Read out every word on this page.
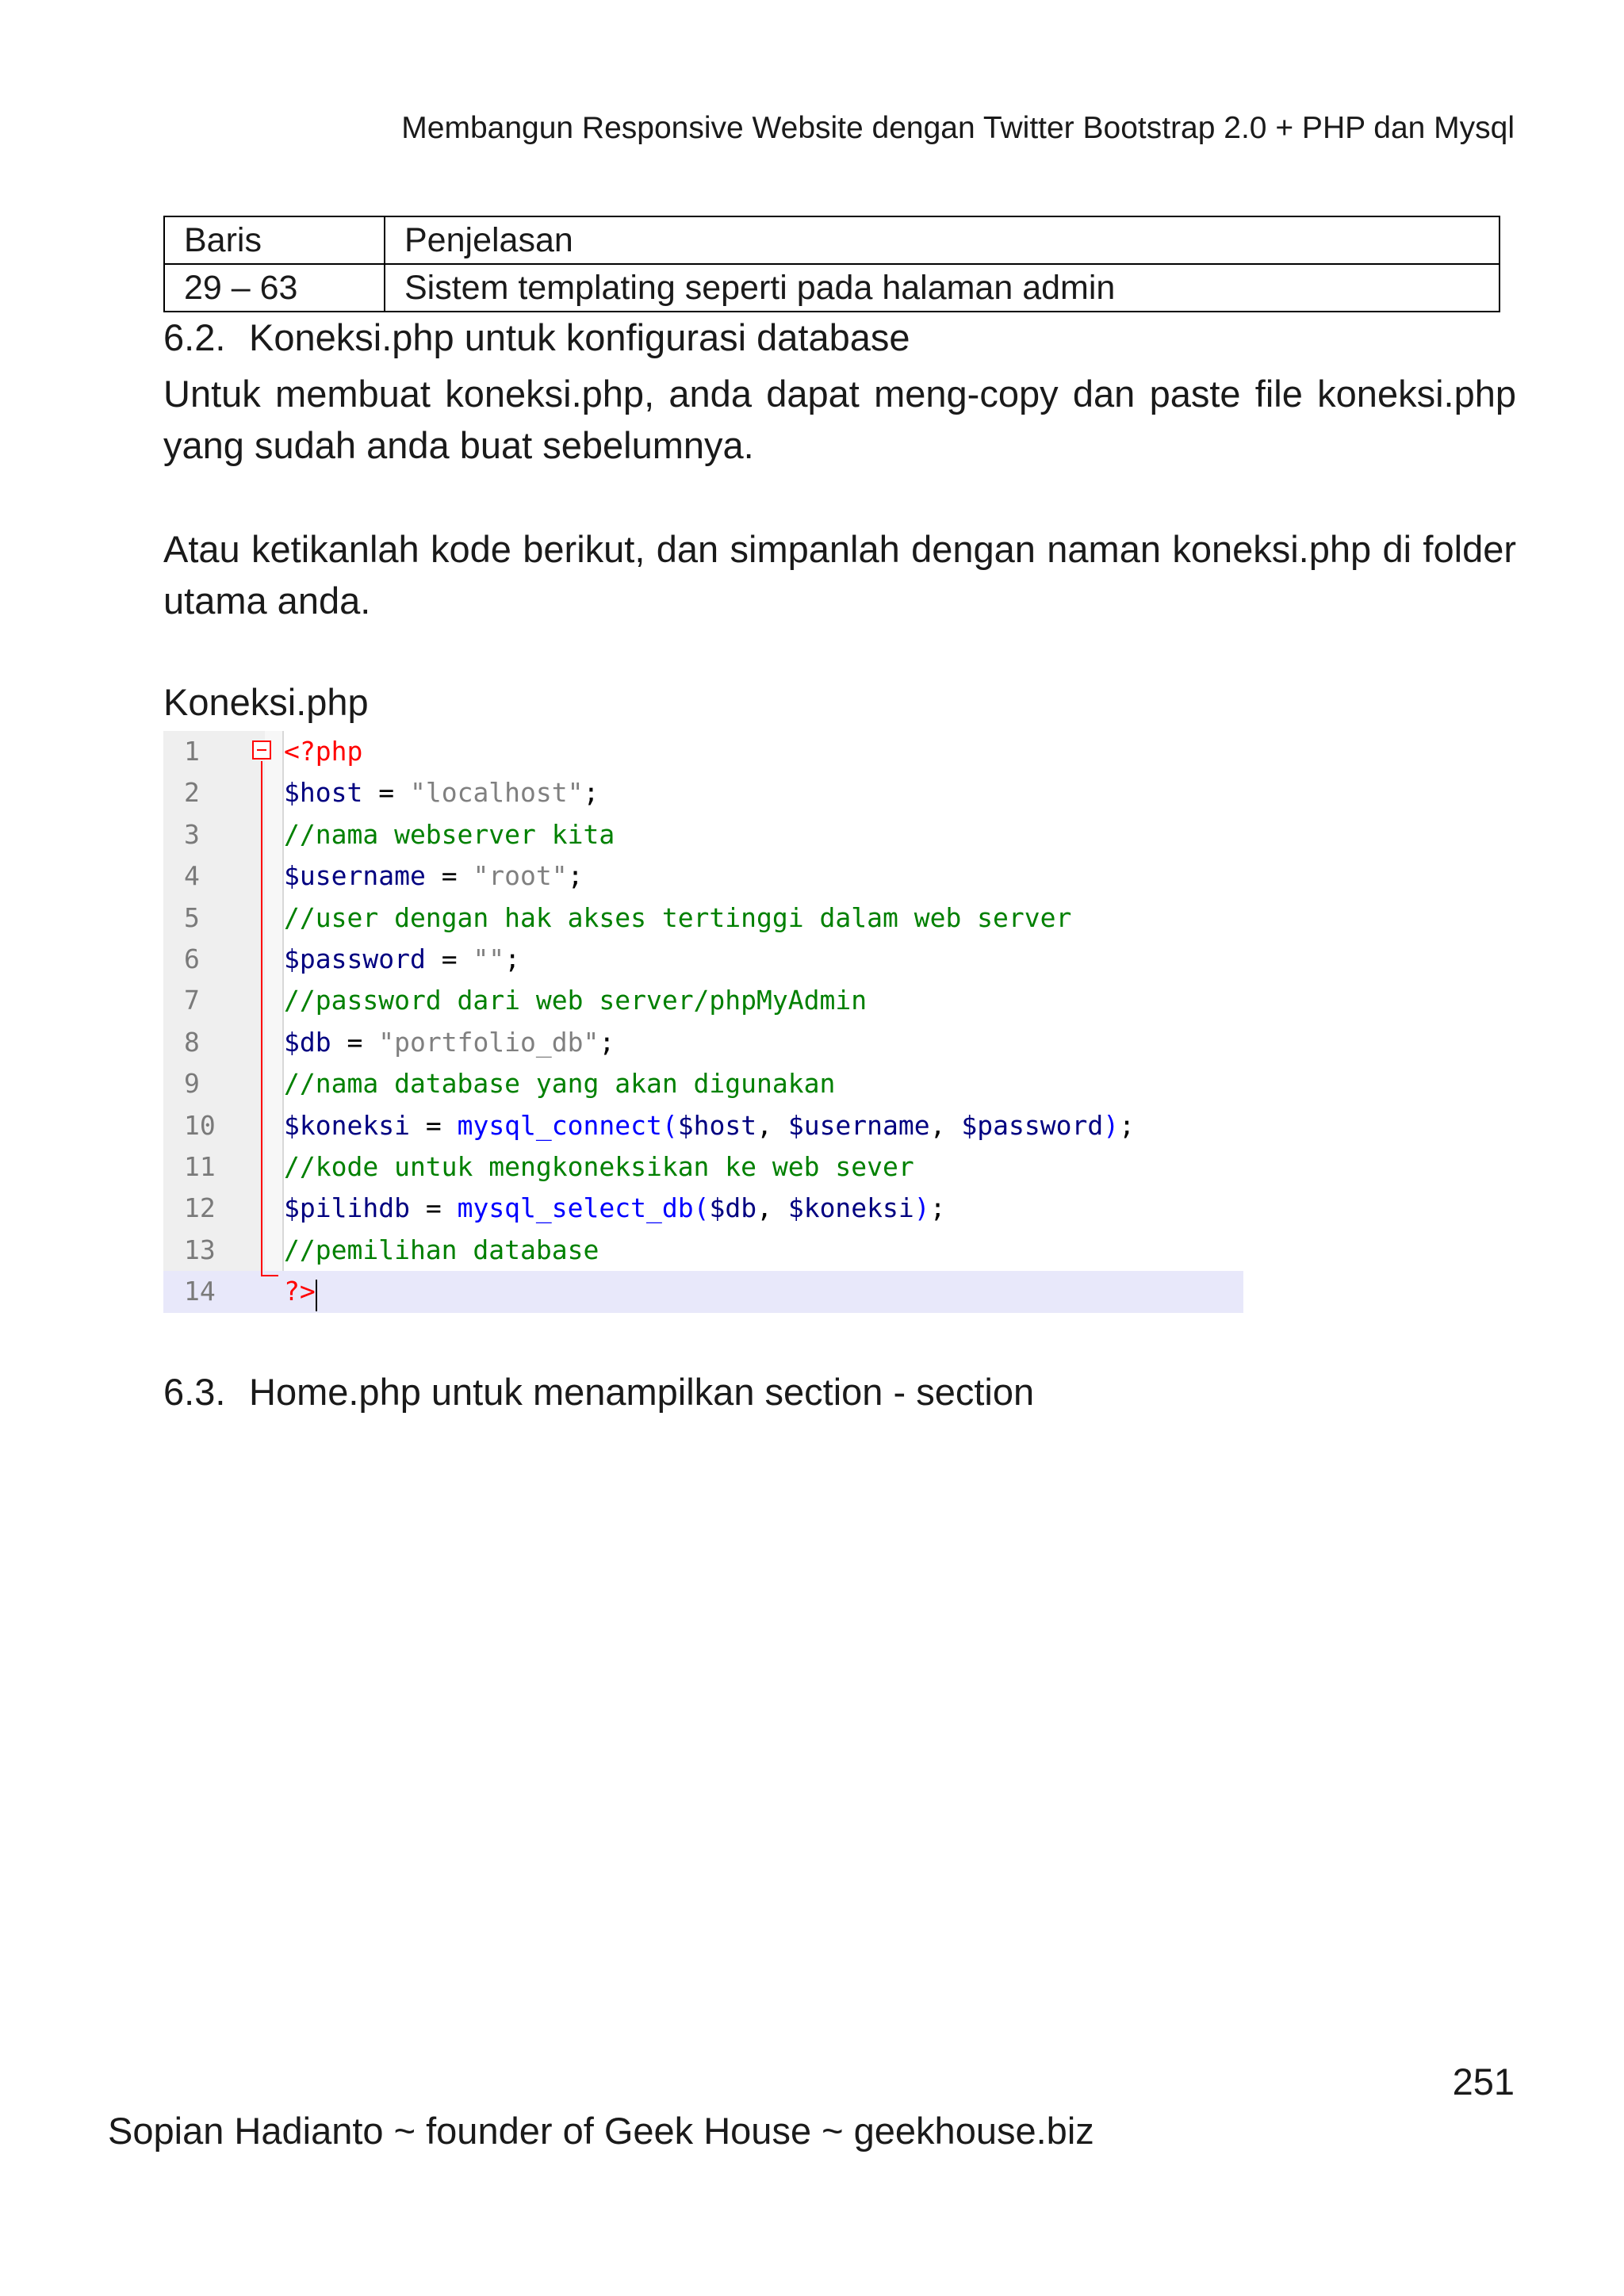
Membangun Responsive Website dengan Twitter Bootstrap 2.0 + PHP dan Mysql
Baris	Penjelasan
29 – 63	Sistem templating seperti pada halaman admin
6.2. Koneksi.php untuk konfigurasi database
Untuk membuat koneksi.php, anda dapat meng-copy dan paste file koneksi.php yang sudah anda buat sebelumnya.
Atau ketikanlah kode berikut, dan simpanlah dengan naman koneksi.php di folder utama anda.
Koneksi.php
1	<?php
2	$host = "localhost";
3	//nama webserver kita
4	$username = "root";
5	//user dengan hak akses tertinggi dalam web server
6	$password = "";
7	//password dari web server/phpMyAdmin
8	$db = "portfolio_db";
9	//nama database yang akan digunakan
10	$koneksi = mysql_connect($host, $username, $password);
11	//kode untuk mengkoneksikan ke web sever
12	$pilihdb = mysql_select_db($db, $koneksi);
13	//pemilihan database
14	?>
6.3. Home.php untuk menampilkan section - section
251
Sopian Hadianto ~ founder of Geek House ~ geekhouse.biz
